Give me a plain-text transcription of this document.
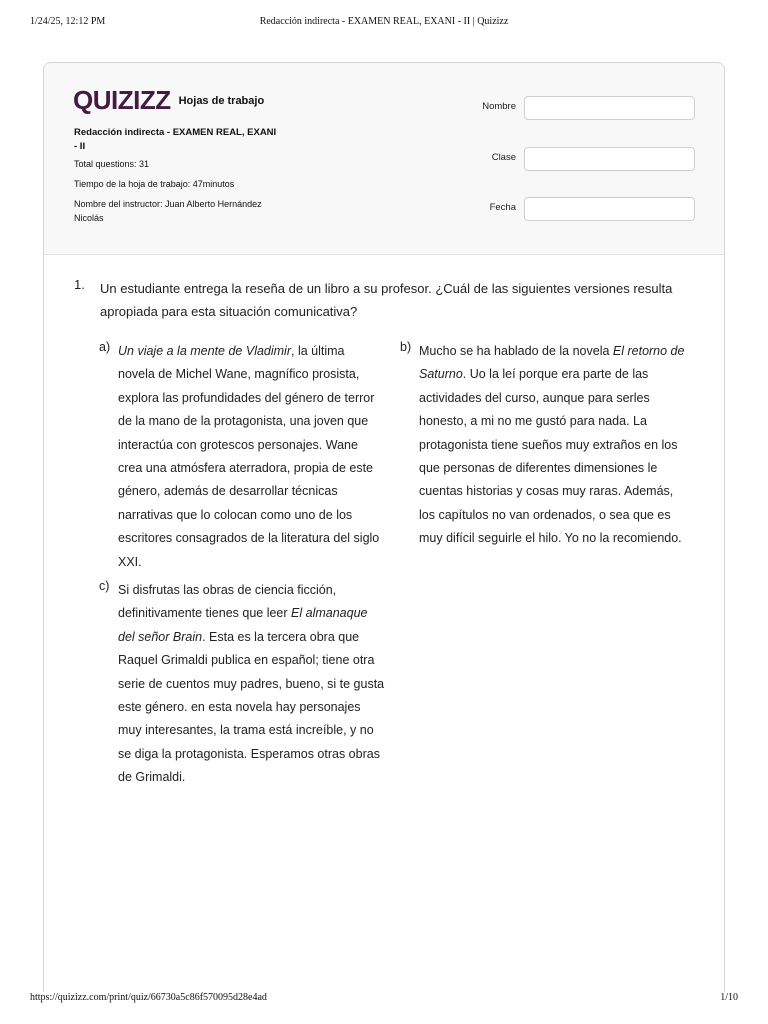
1/24/25, 12:12 PM	Redacción indirecta - EXAMEN REAL, EXANI - II | Quizizz
QUIZIZZ Hojas de trabajo
Redacción indirecta - EXAMEN REAL, EXANI
- II
Total questions: 31
Tiempo de la hoja de trabajo: 47minutos
Nombre del instructor: Juan Alberto Hernández
Nicolás
Nombre
Clase
Fecha
1. Un estudiante entrega la reseña de un libro a su profesor. ¿Cuál de las siguientes versiones resulta
apropiada para esta situación comunicativa?
a) Un viaje a la mente de Vladimir, la última
novela de Michel Wane, magnífico prosista,
explora las profundidades del género de terror
de la mano de la protagonista, una joven que
interactúa con grotescos personajes. Wane
crea una atmósfera aterradora, propia de este
género, además de desarrollar técnicas
narrativas que lo colocan como uno de los
escritores consagrados de la literatura del siglo
XXI.
b) Mucho se ha hablado de la novela El retorno de
Saturno. Uo la leí porque era parte de las
actividades del curso, aunque para serles
honesto, a mi no me gustó para nada. La
protagonista tiene sueños muy extraños en los
que personas de diferentes dimensiones le
cuentas historias y cosas muy raras. Además,
los capítulos no van ordenados, o sea que es
muy difícil seguirle el hilo. Yo no la recomiendo.
c) Si disfrutas las obras de ciencia ficción,
definitivamente tienes que leer El almanaque
del señor Brain. Esta es la tercera obra que
Raquel Grimaldi publica en español; tiene otra
serie de cuentos muy padres, bueno, si te gusta
este género. en esta novela hay personajes
muy interesantes, la trama está increíble, y no
se diga la protagonista. Esperamos otras obras
de Grimaldi.
https://quizizz.com/print/quiz/66730a5c86f570095d28e4ad	1/10
